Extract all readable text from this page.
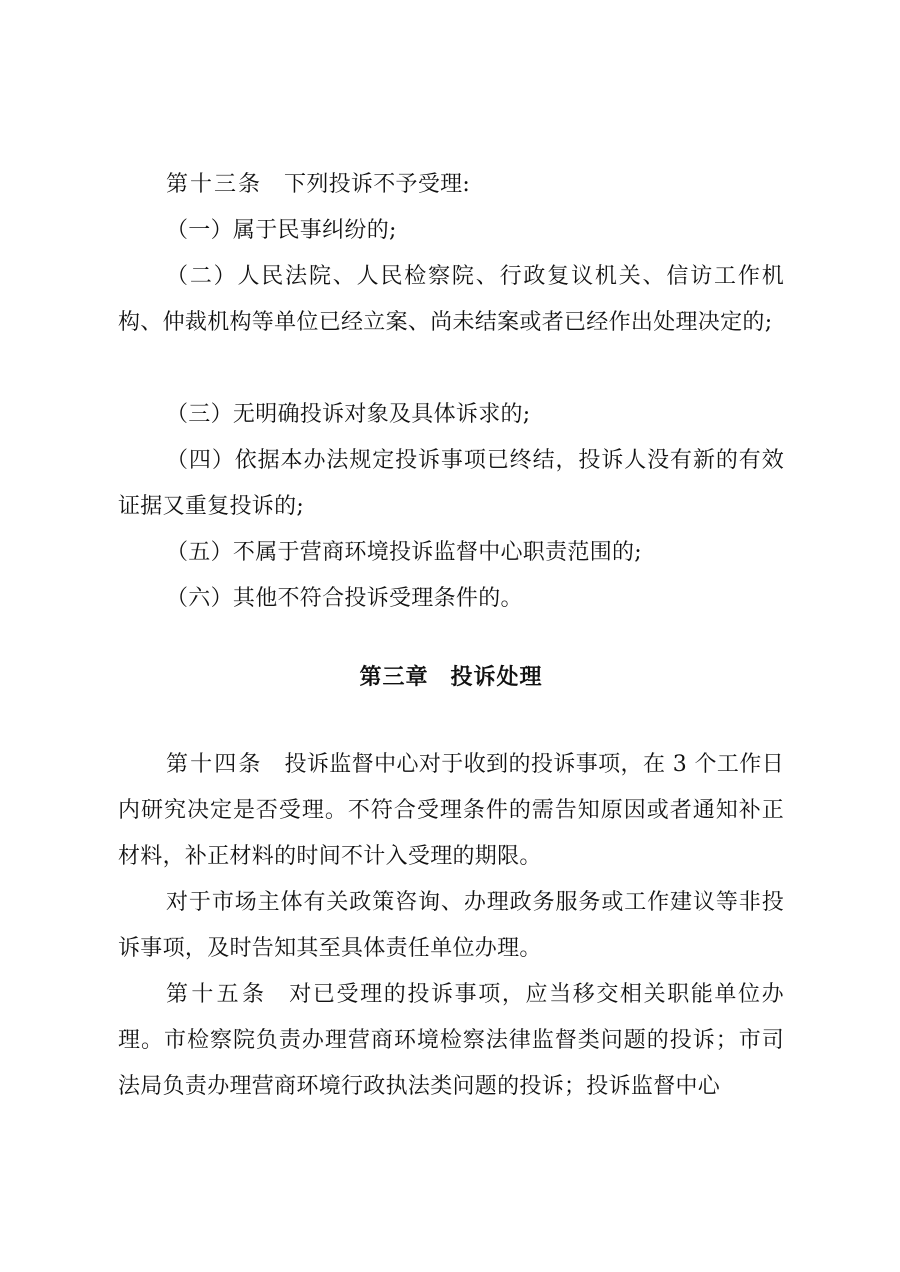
第十三条 下列投诉不予受理:

（一）属于民事纠纷的;

（二）人民法院、人民检察院、行政复议机关、信访工作机构、仲裁机构等单位已经立案、尚未结案或者已经作出处理决定的;

（三）无明确投诉对象及具体诉求的;

（四）依据本办法规定投诉事项已终结，投诉人没有新的有效证据又重复投诉的;

（五）不属于营商环境投诉监督中心职责范围的;

（六）其他不符合投诉受理条件的。

第三章 投诉处理

第十四条 投诉监督中心对于收到的投诉事项，在 3 个工作日内研究决定是否受理。不符合受理条件的需告知原因或者通知补正材料，补正材料的时间不计入受理的期限。

对于市场主体有关政策咨询、办理政务服务或工作建议等非投诉事项，及时告知其至具体责任单位办理。

第十五条 对已受理的投诉事项，应当移交相关职能单位办理。市检察院负责办理营商环境检察法律监督类问题的投诉；市司法局负责办理营商环境行政执法类问题的投诉；投诉监督中心
